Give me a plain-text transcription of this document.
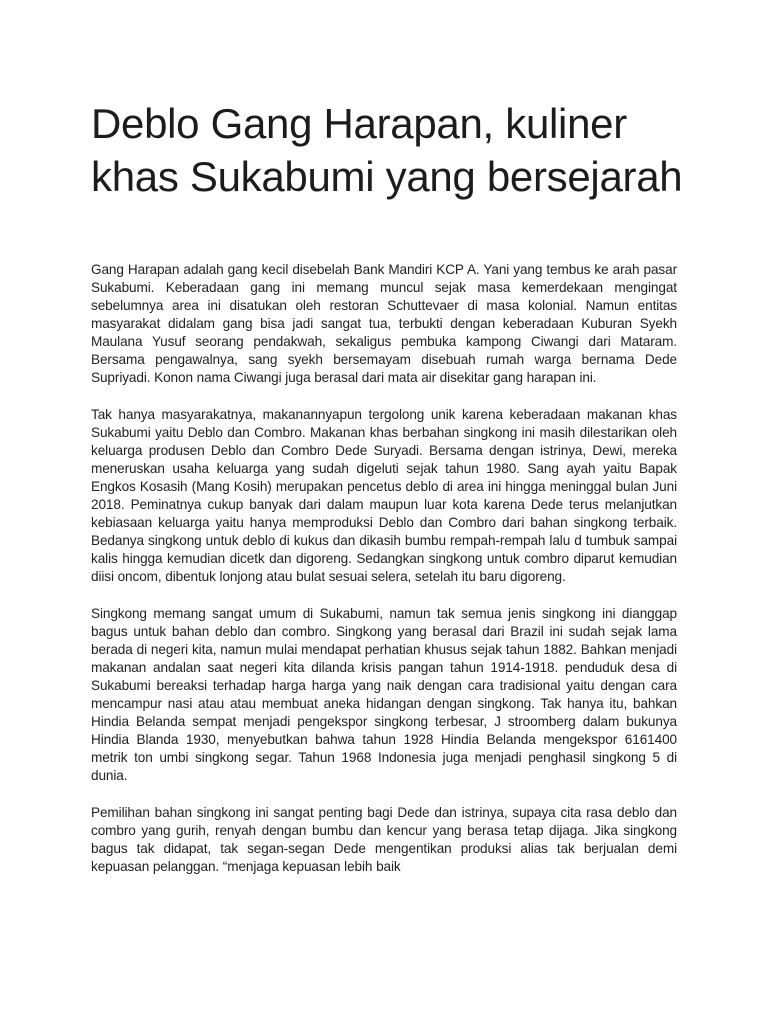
Deblo Gang Harapan, kuliner khas Sukabumi yang bersejarah

Gang Harapan adalah gang kecil disebelah Bank Mandiri KCP A. Yani yang tembus ke arah pasar Sukabumi. Keberadaan gang ini memang muncul sejak masa kemerdekaan mengingat sebelumnya area ini disatukan oleh restoran Schuttevaer di masa kolonial. Namun entitas masyarakat didalam gang bisa jadi sangat tua, terbukti dengan keberadaan Kuburan Syekh Maulana Yusuf seorang pendakwah, sekaligus pembuka kampong Ciwangi dari Mataram. Bersama pengawalnya, sang syekh bersemayam disebuah rumah warga bernama Dede Supriyadi. Konon nama Ciwangi juga berasal dari mata air disekitar gang harapan ini.

Tak hanya masyarakatnya, makanannyapun tergolong unik karena keberadaan makanan khas Sukabumi yaitu Deblo dan Combro. Makanan khas berbahan singkong ini masih dilestarikan oleh keluarga produsen Deblo dan Combro Dede Suryadi. Bersama dengan istrinya, Dewi, mereka meneruskan usaha keluarga yang sudah digeluti sejak tahun 1980. Sang ayah yaitu Bapak Engkos Kosasih (Mang Kosih) merupakan pencetus deblo di area ini hingga meninggal bulan Juni 2018. Peminatnya cukup banyak dari dalam maupun luar kota karena Dede terus melanjutkan kebiasaan keluarga yaitu hanya memproduksi Deblo dan Combro dari bahan singkong terbaik. Bedanya singkong untuk deblo di kukus dan dikasih bumbu rempah-rempah lalu d tumbuk sampai kalis hingga kemudian dicetk dan digoreng. Sedangkan singkong untuk combro diparut kemudian diisi oncom, dibentuk lonjong atau bulat sesuai selera, setelah itu baru digoreng.

Singkong memang sangat umum di Sukabumi, namun tak semua jenis singkong ini dianggap bagus untuk bahan deblo dan combro. Singkong yang berasal dari Brazil ini sudah sejak lama berada di negeri kita, namun mulai mendapat perhatian khusus sejak tahun 1882. Bahkan menjadi makanan andalan saat negeri kita dilanda krisis pangan tahun 1914-1918. penduduk desa di Sukabumi bereaksi terhadap harga harga yang naik dengan cara tradisional yaitu dengan cara mencampur nasi atau atau membuat aneka hidangan dengan singkong. Tak hanya itu, bahkan Hindia Belanda sempat menjadi pengekspor singkong terbesar, J stroomberg dalam bukunya Hindia Blanda 1930, menyebutkan bahwa tahun 1928 Hindia Belanda mengekspor 6161400 metrik ton umbi singkong segar. Tahun 1968 Indonesia juga menjadi penghasil singkong 5 di dunia.

Pemilihan bahan singkong ini sangat penting bagi Dede dan istrinya, supaya cita rasa deblo dan combro yang gurih, renyah dengan bumbu dan kencur yang berasa tetap dijaga. Jika singkong bagus tak didapat, tak segan-segan Dede mengentikan produksi alias tak berjualan demi kepuasan pelanggan. “menjaga kepuasan lebih baik
